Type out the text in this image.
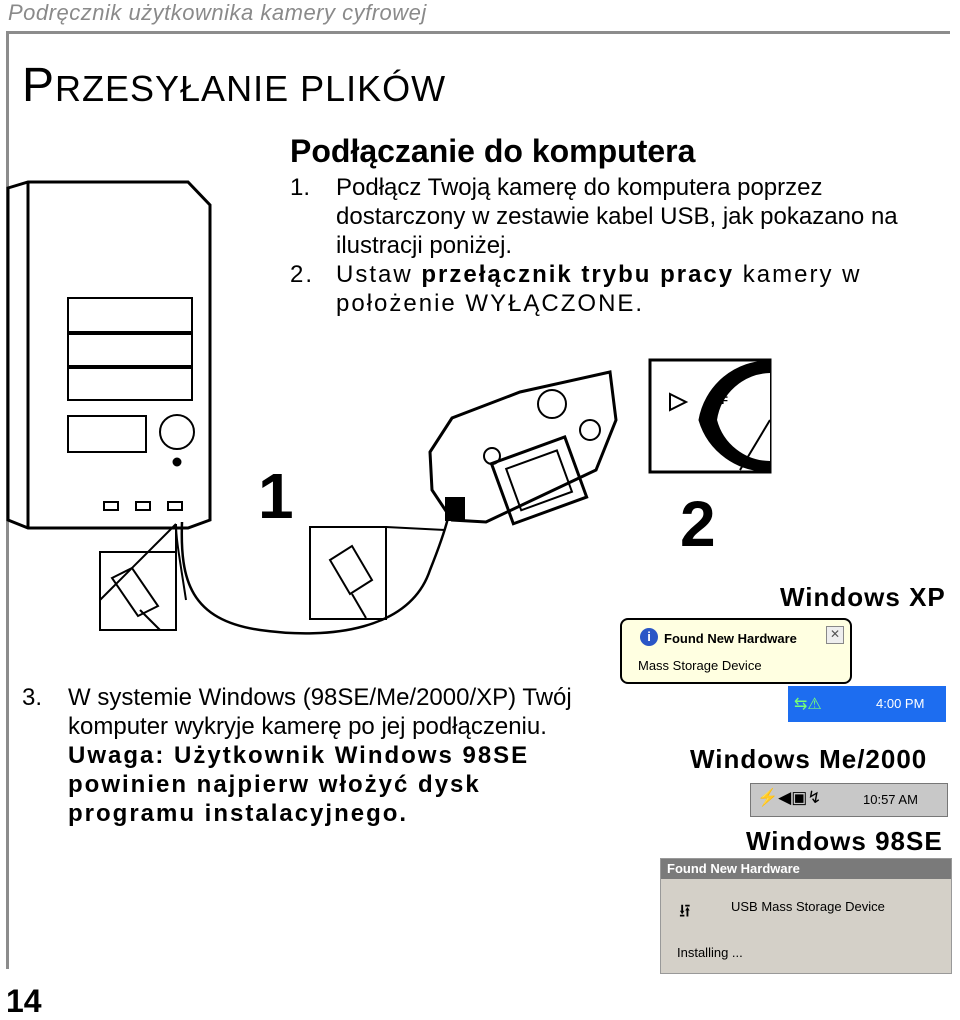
Podręcznik użytkownika kamery cyfrowej
PRZESYŁANIE PLIKÓW
Podłączanie do komputera
1. Podłącz Twoją kamerę do komputera poprzez dostarczony w zestawie kabel USB, jak pokazano na ilustracji poniżej.
2. Ustaw przełącznik trybu pracy kamery w położenie WYŁĄCZONE.
OFF
1	2
Windows XP
i	Found New Hardware
Mass Storage Device
✕
⇆⚠	4:00 PM
Windows Me/2000
⚡◀▣↯	10:57 AM
Windows 98SE
Found New Hardware
⭿	USB Mass Storage Device
Installing ...
3. W systemie Windows (98SE/Me/2000/XP) Twój komputer wykryje kamerę po jej podłączeniu.
Uwaga: Użytkownik Windows 98SE powinien najpierw włożyć dysk programu instalacyjnego.
14
